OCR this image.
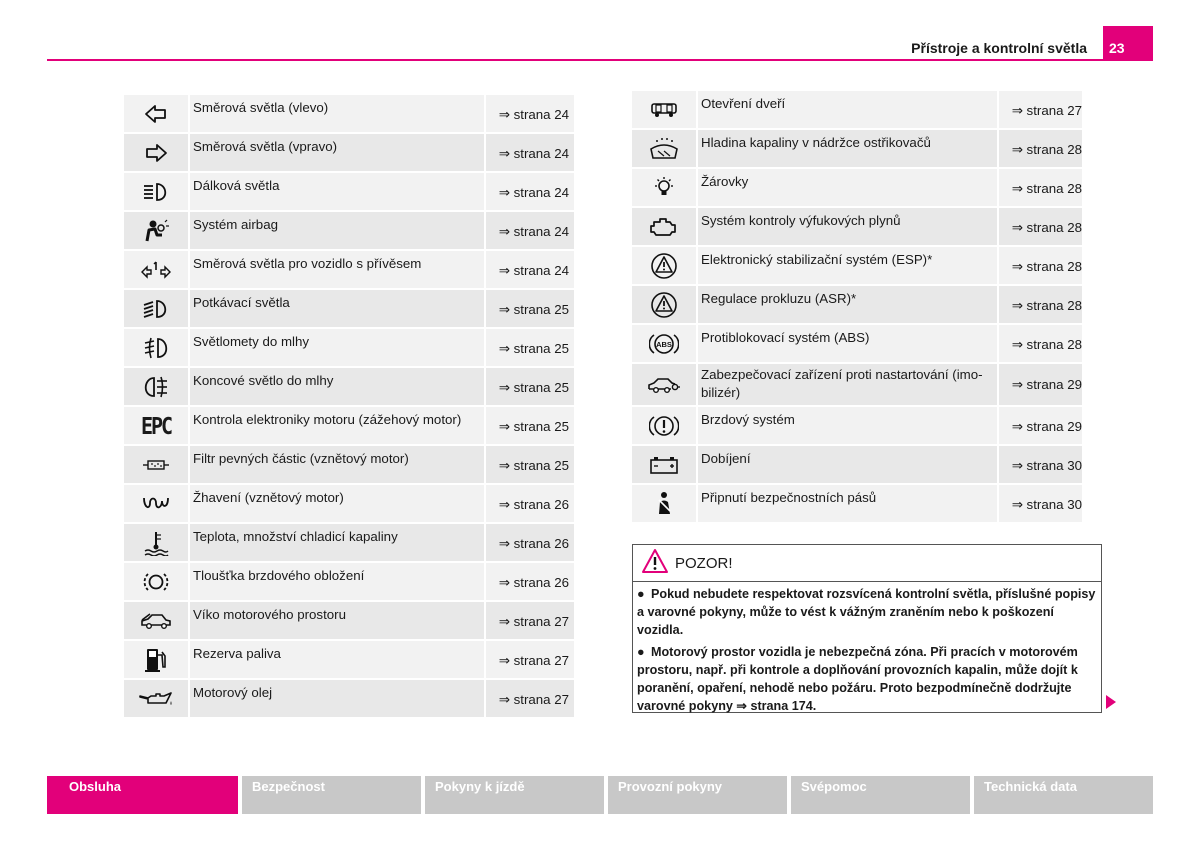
Přístroje a kontrolní světla	23
	Směrová světla (vlevo)	⇒ strana 24

	Směrová světla (vpravo)	⇒ strana 24

	Dálková světla	⇒ strana 24

	Systém airbag	⇒ strana 24

	Směrová světla pro vozidlo s přívěsem	⇒ strana 24

	Potkávací světla	⇒ strana 25

	Světlomety do mlhy	⇒ strana 25

	Koncové světlo do mlhy	⇒ strana 25
EPC	Kontrola elektroniky motoru (zážehový motor)	⇒ strana 25

	Filtr pevných částic (vznětový motor)	⇒ strana 25

	Žhavení (vznětový motor)	⇒ strana 26

	Teplota, množství chladicí kapaliny	⇒ strana 26

	Tloušťka brzdového obložení	⇒ strana 26

	Víko motorového prostoru	⇒ strana 27

	Rezerva paliva	⇒ strana 27

	Motorový olej	⇒ strana 27
	Otevření dveří	⇒ strana 27

	Hladina kapaliny v nádržce ostřikovačů	⇒ strana 28

	Žárovky	⇒ strana 28

	Systém kontroly výfukových plynů	⇒ strana 28

	Elektronický stabilizační systém (ESP)*	⇒ strana 28

	Regulace prokluzu (ASR)*	⇒ strana 28

ABS	Protiblokovací systém (ABS)	⇒ strana 28

	Zabezpečovací zařízení proti nastartování (imo-bilizér)	⇒ strana 29

	Brzdový systém	⇒ strana 29

	Dobíjení	⇒ strana 30

	Připnutí bezpečnostních pásů	⇒ strana 30
POZOR!

● Pokud nebudete respektovat rozsvícená kontrolní světla, příslušné popisy a varovné pokyny, může to vést k vážným zraněním nebo k poškození vozidla.

● Motorový prostor vozidla je nebezpečná zóna. Při pracích v motorovém prostoru, např. při kontrole a doplňování provozních kapalin, může dojít k poranění, opaření, nehodě nebo požáru. Proto bezpodmínečně dodržujte varovné pokyny ⇒ strana 174.

Obsluha	Bezpečnost	Pokyny k jízdě	Provozní pokyny	Svépomoc	Technická data
